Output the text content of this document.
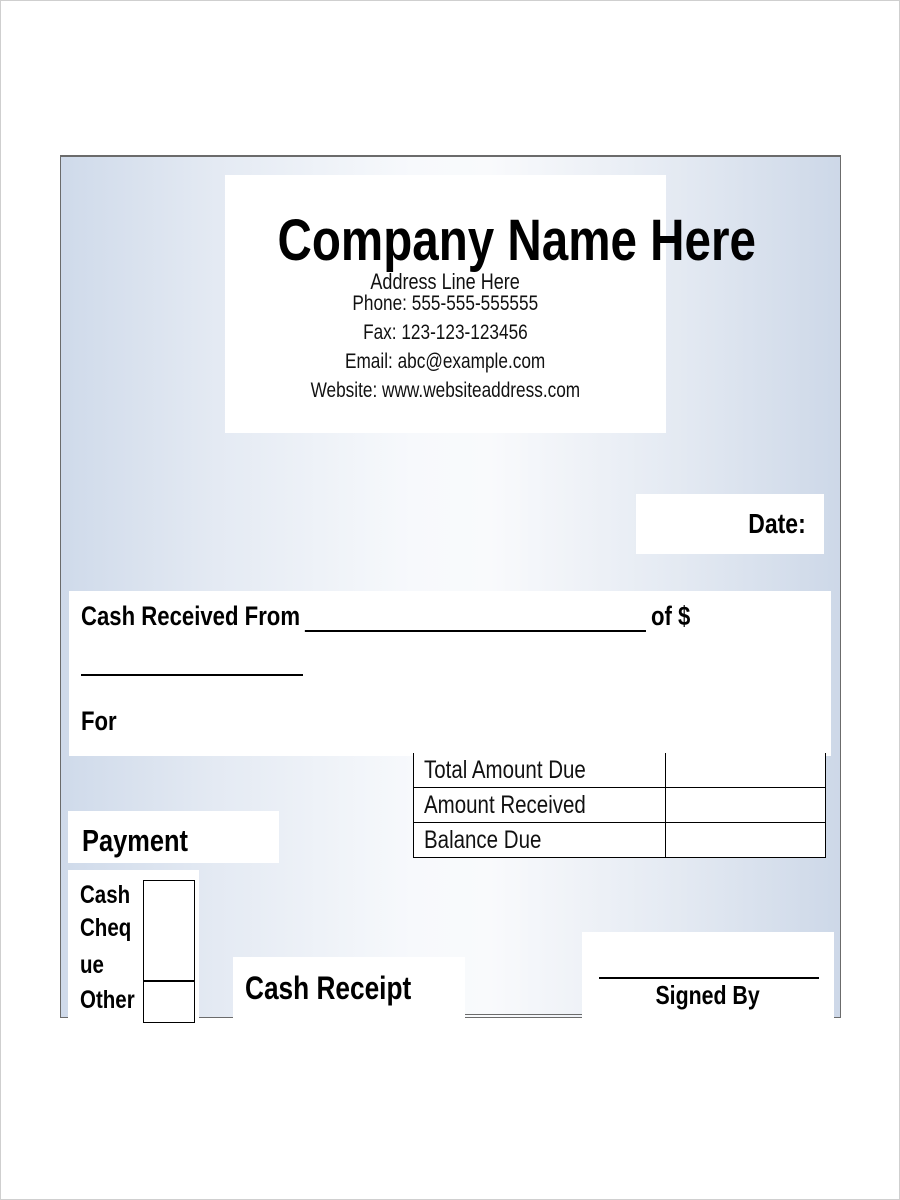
Company Name Here
Address Line Here
Phone: 555-555-555555
Fax: 123-123-123456
Email: abc@example.com
Website: www.websiteaddress.com
Date:
Cash Received From	of $
For
Total Amount Due	
Amount Received	
Balance Due	
Payment
Cash
Cheq
ue
Other	Cash Receipt	Signed By
